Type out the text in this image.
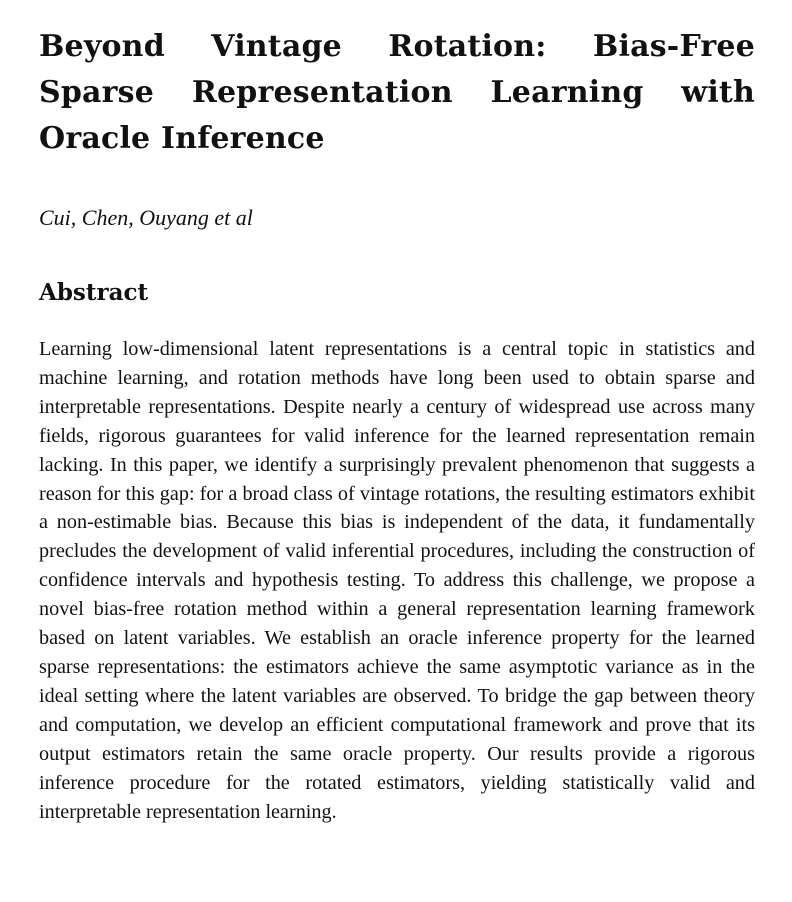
Beyond Vintage Rotation: Bias-Free Sparse Representation Learning with Oracle Inference
Cui, Chen, Ouyang et al
Abstract

Learning low-dimensional latent representations is a central topic in statistics and machine learning, and rotation methods have long been used to obtain sparse and interpretable representations. Despite nearly a century of widespread use across many fields, rigorous guarantees for valid inference for the learned representation remain lacking. In this paper, we identify a surprisingly prevalent phenomenon that suggests a reason for this gap: for a broad class of vintage rotations, the resulting estimators exhibit a non-estimable bias. Because this bias is independent of the data, it fundamentally precludes the development of valid inferential procedures, including the construction of confidence intervals and hypothesis testing. To address this challenge, we propose a novel bias-free rotation method within a general representation learning framework based on latent variables. We establish an oracle inference property for the learned sparse representations: the estimators achieve the same asymptotic variance as in the ideal setting where the latent variables are observed. To bridge the gap between theory and computation, we develop an efficient computational framework and prove that its output estimators retain the same oracle property. Our results provide a rigorous inference procedure for the rotated estimators, yielding statistically valid and interpretable representation learning.
